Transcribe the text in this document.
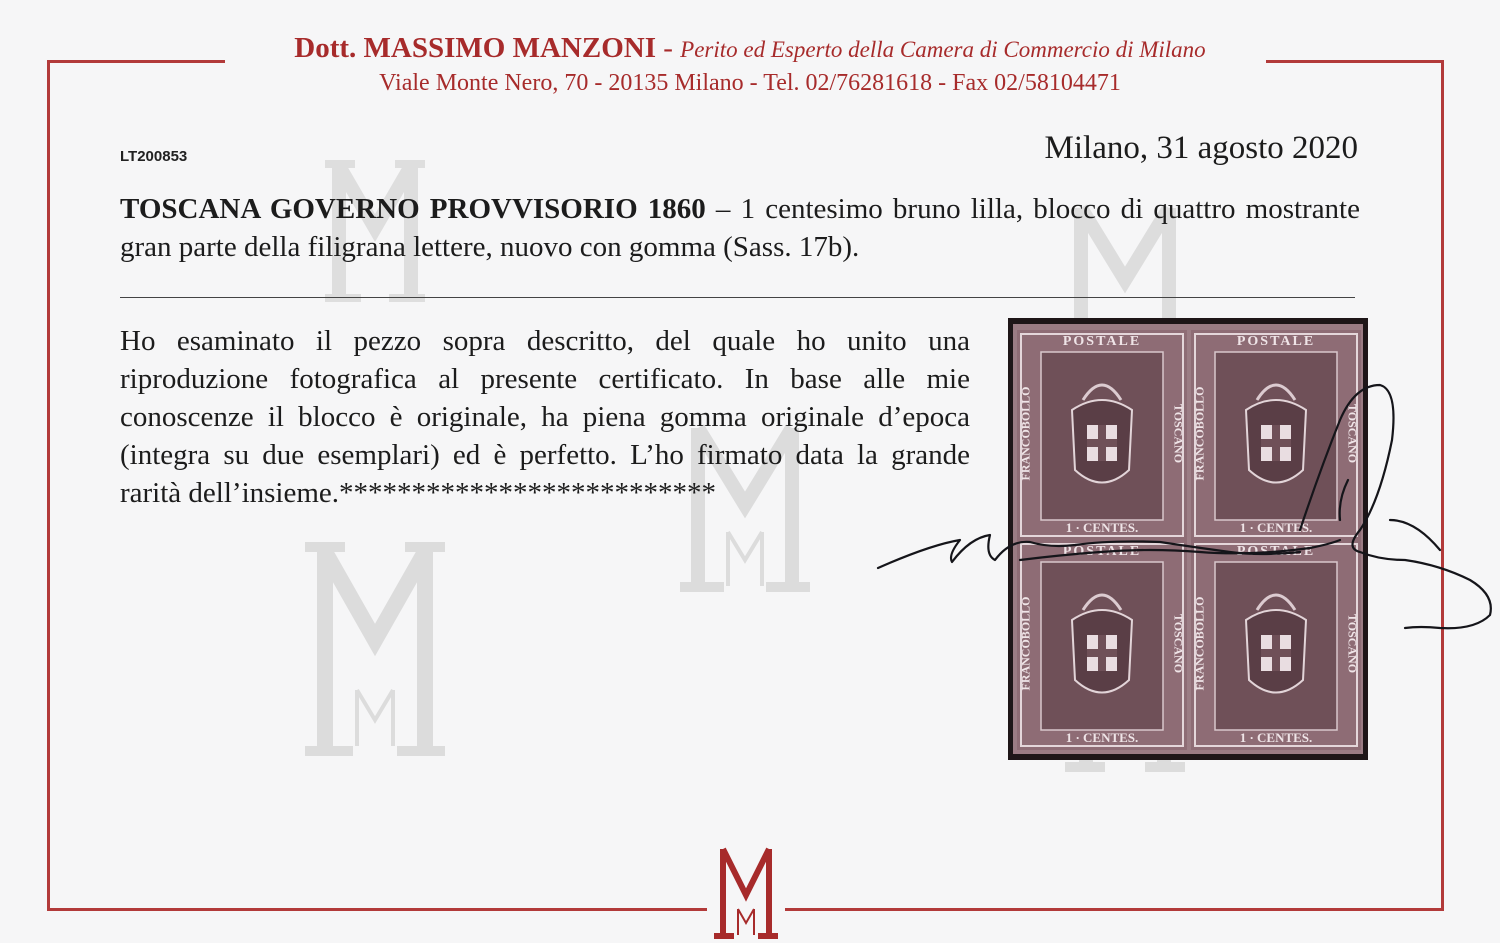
Dott. MASSIMO MANZONI - Perito ed Esperto della Camera di Commercio di Milano
Viale Monte Nero, 70 - 20135 Milano - Tel. 02/76281618 - Fax 02/58104471
LT200853	Milano, 31 agosto 2020
TOSCANA GOVERNO PROVVISORIO 1860 – 1 centesimo bruno lilla, blocco di quattro mostrante gran parte della filigrana lettere, nuovo con gomma (Sass. 17b).
Ho esaminato il pezzo sopra descritto, del quale ho unito una riproduzione fotografica al presente certificato. In base alle mie conoscenze il blocco è originale, ha piena gomma originale d’epoca (integra su due esemplari) ed è perfetto. L’ho firmato data la grande rarità dell’insieme.**************************
POSTALE
1 · CENTES.
FRANCOBOLLO	TOSCANO
POSTALE
1 · CENTES.
FRANCOBOLLO	TOSCANO
POSTALE
1 · CENTES.
FRANCOBOLLO	TOSCANO
POSTALE
1 · CENTES.
FRANCOBOLLO	TOSCANO
